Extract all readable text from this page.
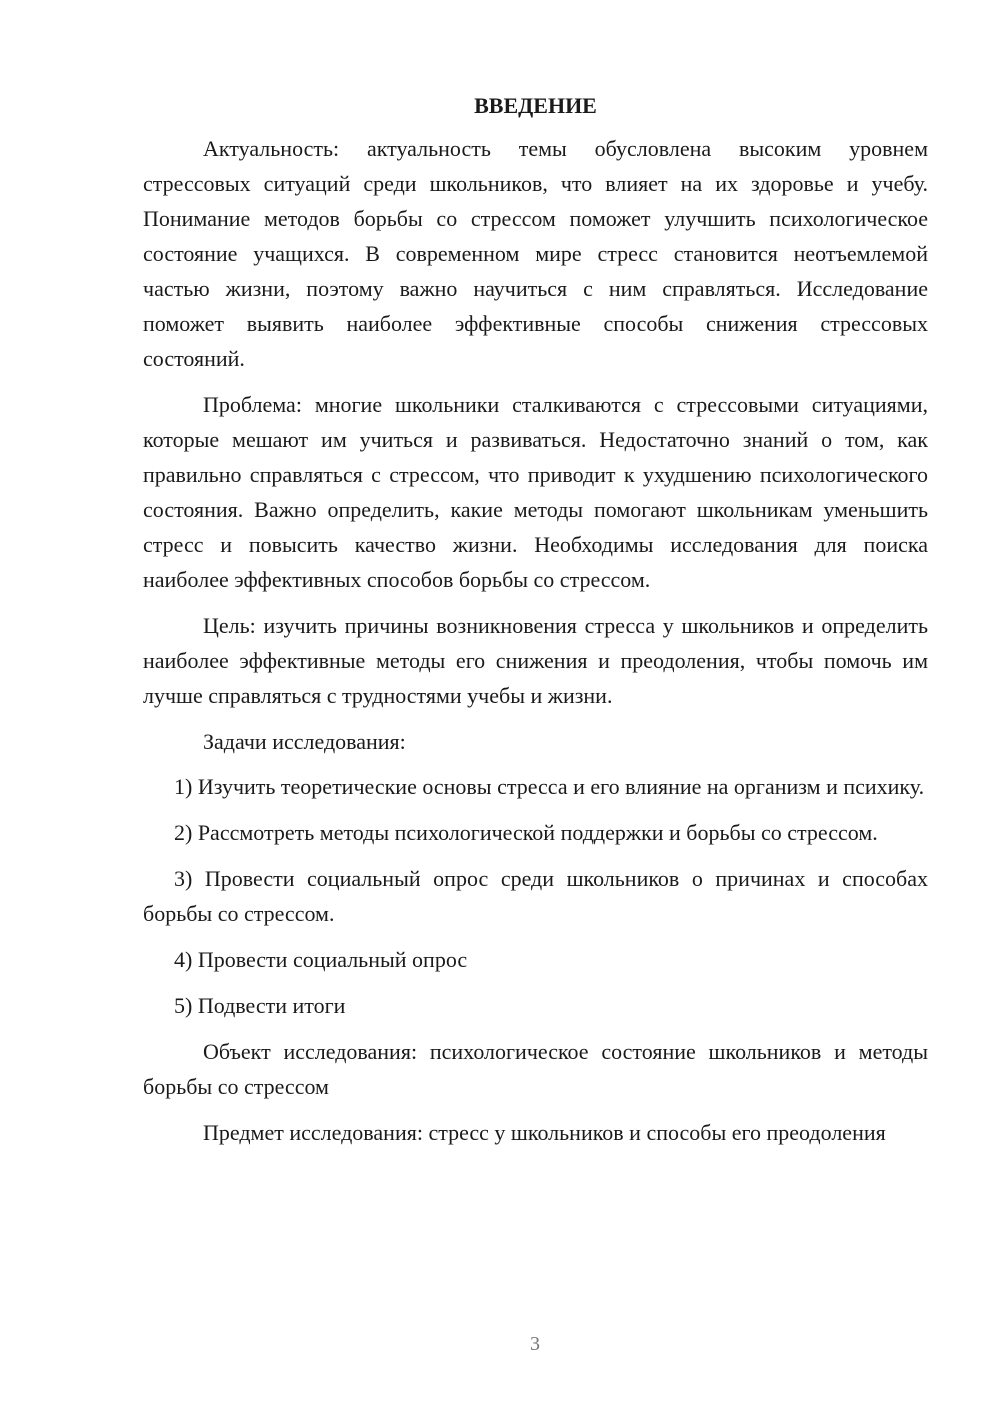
ВВЕДЕНИЕ

Актуальность: актуальность темы обусловлена высоким уровнем стрессовых ситуаций среди школьников, что влияет на их здоровье и учебу. Понимание методов борьбы со стрессом поможет улучшить психологическое состояние учащихся. В современном мире стресс становится неотъемлемой частью жизни, поэтому важно научиться с ним справляться. Исследование поможет выявить наиболее эффективные способы снижения стрессовых состояний.

Проблема: многие школьники сталкиваются с стрессовыми ситуациями, которые мешают им учиться и развиваться. Недостаточно знаний о том, как правильно справляться с стрессом, что приводит к ухудшению психологического состояния. Важно определить, какие методы помогают школьникам уменьшить стресс и повысить качество жизни. Необходимы исследования для поиска наиболее эффективных способов борьбы со стрессом.

Цель: изучить причины возникновения стресса у школьников и определить наиболее эффективные методы его снижения и преодоления, чтобы помочь им лучше справляться с трудностями учебы и жизни.

Задачи исследования:

1) Изучить теоретические основы стресса и его влияние на организм и психику.

2) Рассмотреть методы психологической поддержки и борьбы со стрессом.

3) Провести социальный опрос среди школьников о причинах и способах борьбы со стрессом.

4) Провести социальный опрос

5) Подвести итоги

Объект исследования: психологическое состояние школьников и методы борьбы со стрессом

Предмет исследования: стресс у школьников и способы его преодоления

3
